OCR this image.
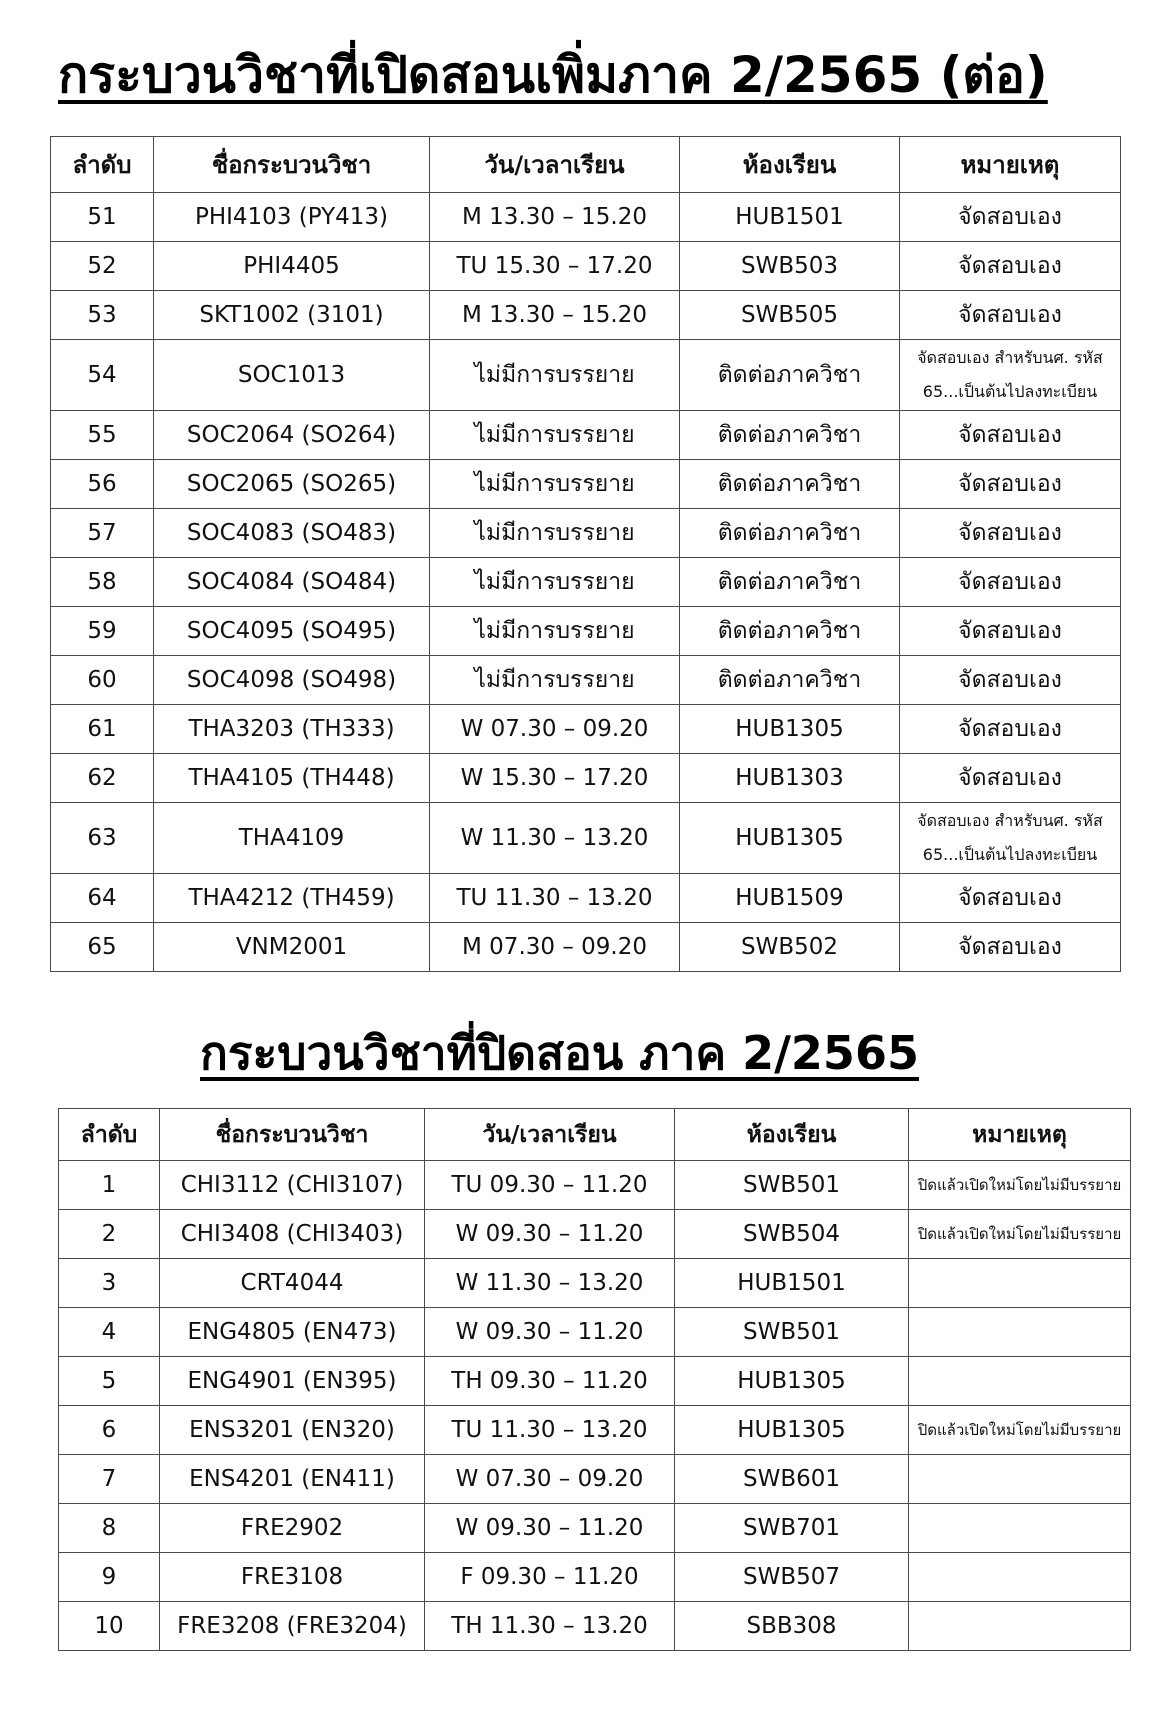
กระบวนวิชาที่เปิดสอนเพิ่มภาค 2/2565 (ต่อ)
ลำดับ	ชื่อกระบวนวิชา	วัน/เวลาเรียน	ห้องเรียน	หมายเหตุ
51	PHI4103 (PY413)	M 13.30 – 15.20	HUB1501	จัดสอบเอง
52	PHI4405	TU 15.30 – 17.20	SWB503	จัดสอบเอง
53	SKT1002 (3101)	M 13.30 – 15.20	SWB505	จัดสอบเอง
54	SOC1013	ไม่มีการบรรยาย	ติดต่อภาควิชา	จัดสอบเอง สำหรับนศ. รหัส
65...เป็นต้นไปลงทะเบียน

55	SOC2064 (SO264)	ไม่มีการบรรยาย	ติดต่อภาควิชา	จัดสอบเอง
56	SOC2065 (SO265)	ไม่มีการบรรยาย	ติดต่อภาควิชา	จัดสอบเอง
57	SOC4083 (SO483)	ไม่มีการบรรยาย	ติดต่อภาควิชา	จัดสอบเอง
58	SOC4084 (SO484)	ไม่มีการบรรยาย	ติดต่อภาควิชา	จัดสอบเอง
59	SOC4095 (SO495)	ไม่มีการบรรยาย	ติดต่อภาควิชา	จัดสอบเอง
60	SOC4098 (SO498)	ไม่มีการบรรยาย	ติดต่อภาควิชา	จัดสอบเอง
61	THA3203 (TH333)	W 07.30 – 09.20	HUB1305	จัดสอบเอง
62	THA4105 (TH448)	W 15.30 – 17.20	HUB1303	จัดสอบเอง
63	THA4109	W 11.30 – 13.20	HUB1305	จัดสอบเอง สำหรับนศ. รหัส
65...เป็นต้นไปลงทะเบียน

64	THA4212 (TH459)	TU 11.30 – 13.20	HUB1509	จัดสอบเอง
65	VNM2001	M 07.30 – 09.20	SWB502	จัดสอบเอง
กระบวนวิชาที่ปิดสอน ภาค 2/2565
ลำดับ	ชื่อกระบวนวิชา	วัน/เวลาเรียน	ห้องเรียน	หมายเหตุ
1	CHI3112 (CHI3107)	TU 09.30 – 11.20	SWB501	ปิดแล้วเปิดใหม่โดยไม่มีบรรยาย
2	CHI3408 (CHI3403)	W 09.30 – 11.20	SWB504	ปิดแล้วเปิดใหม่โดยไม่มีบรรยาย
3	CRT4044	W 11.30 – 13.20	HUB1501	
4	ENG4805 (EN473)	W 09.30 – 11.20	SWB501	
5	ENG4901 (EN395)	TH 09.30 – 11.20	HUB1305	
6	ENS3201 (EN320)	TU 11.30 – 13.20	HUB1305	ปิดแล้วเปิดใหม่โดยไม่มีบรรยาย
7	ENS4201 (EN411)	W 07.30 – 09.20	SWB601	
8	FRE2902	W 09.30 – 11.20	SWB701	
9	FRE3108	F 09.30 – 11.20	SWB507	
10	FRE3208 (FRE3204)	TH 11.30 – 13.20	SBB308	
